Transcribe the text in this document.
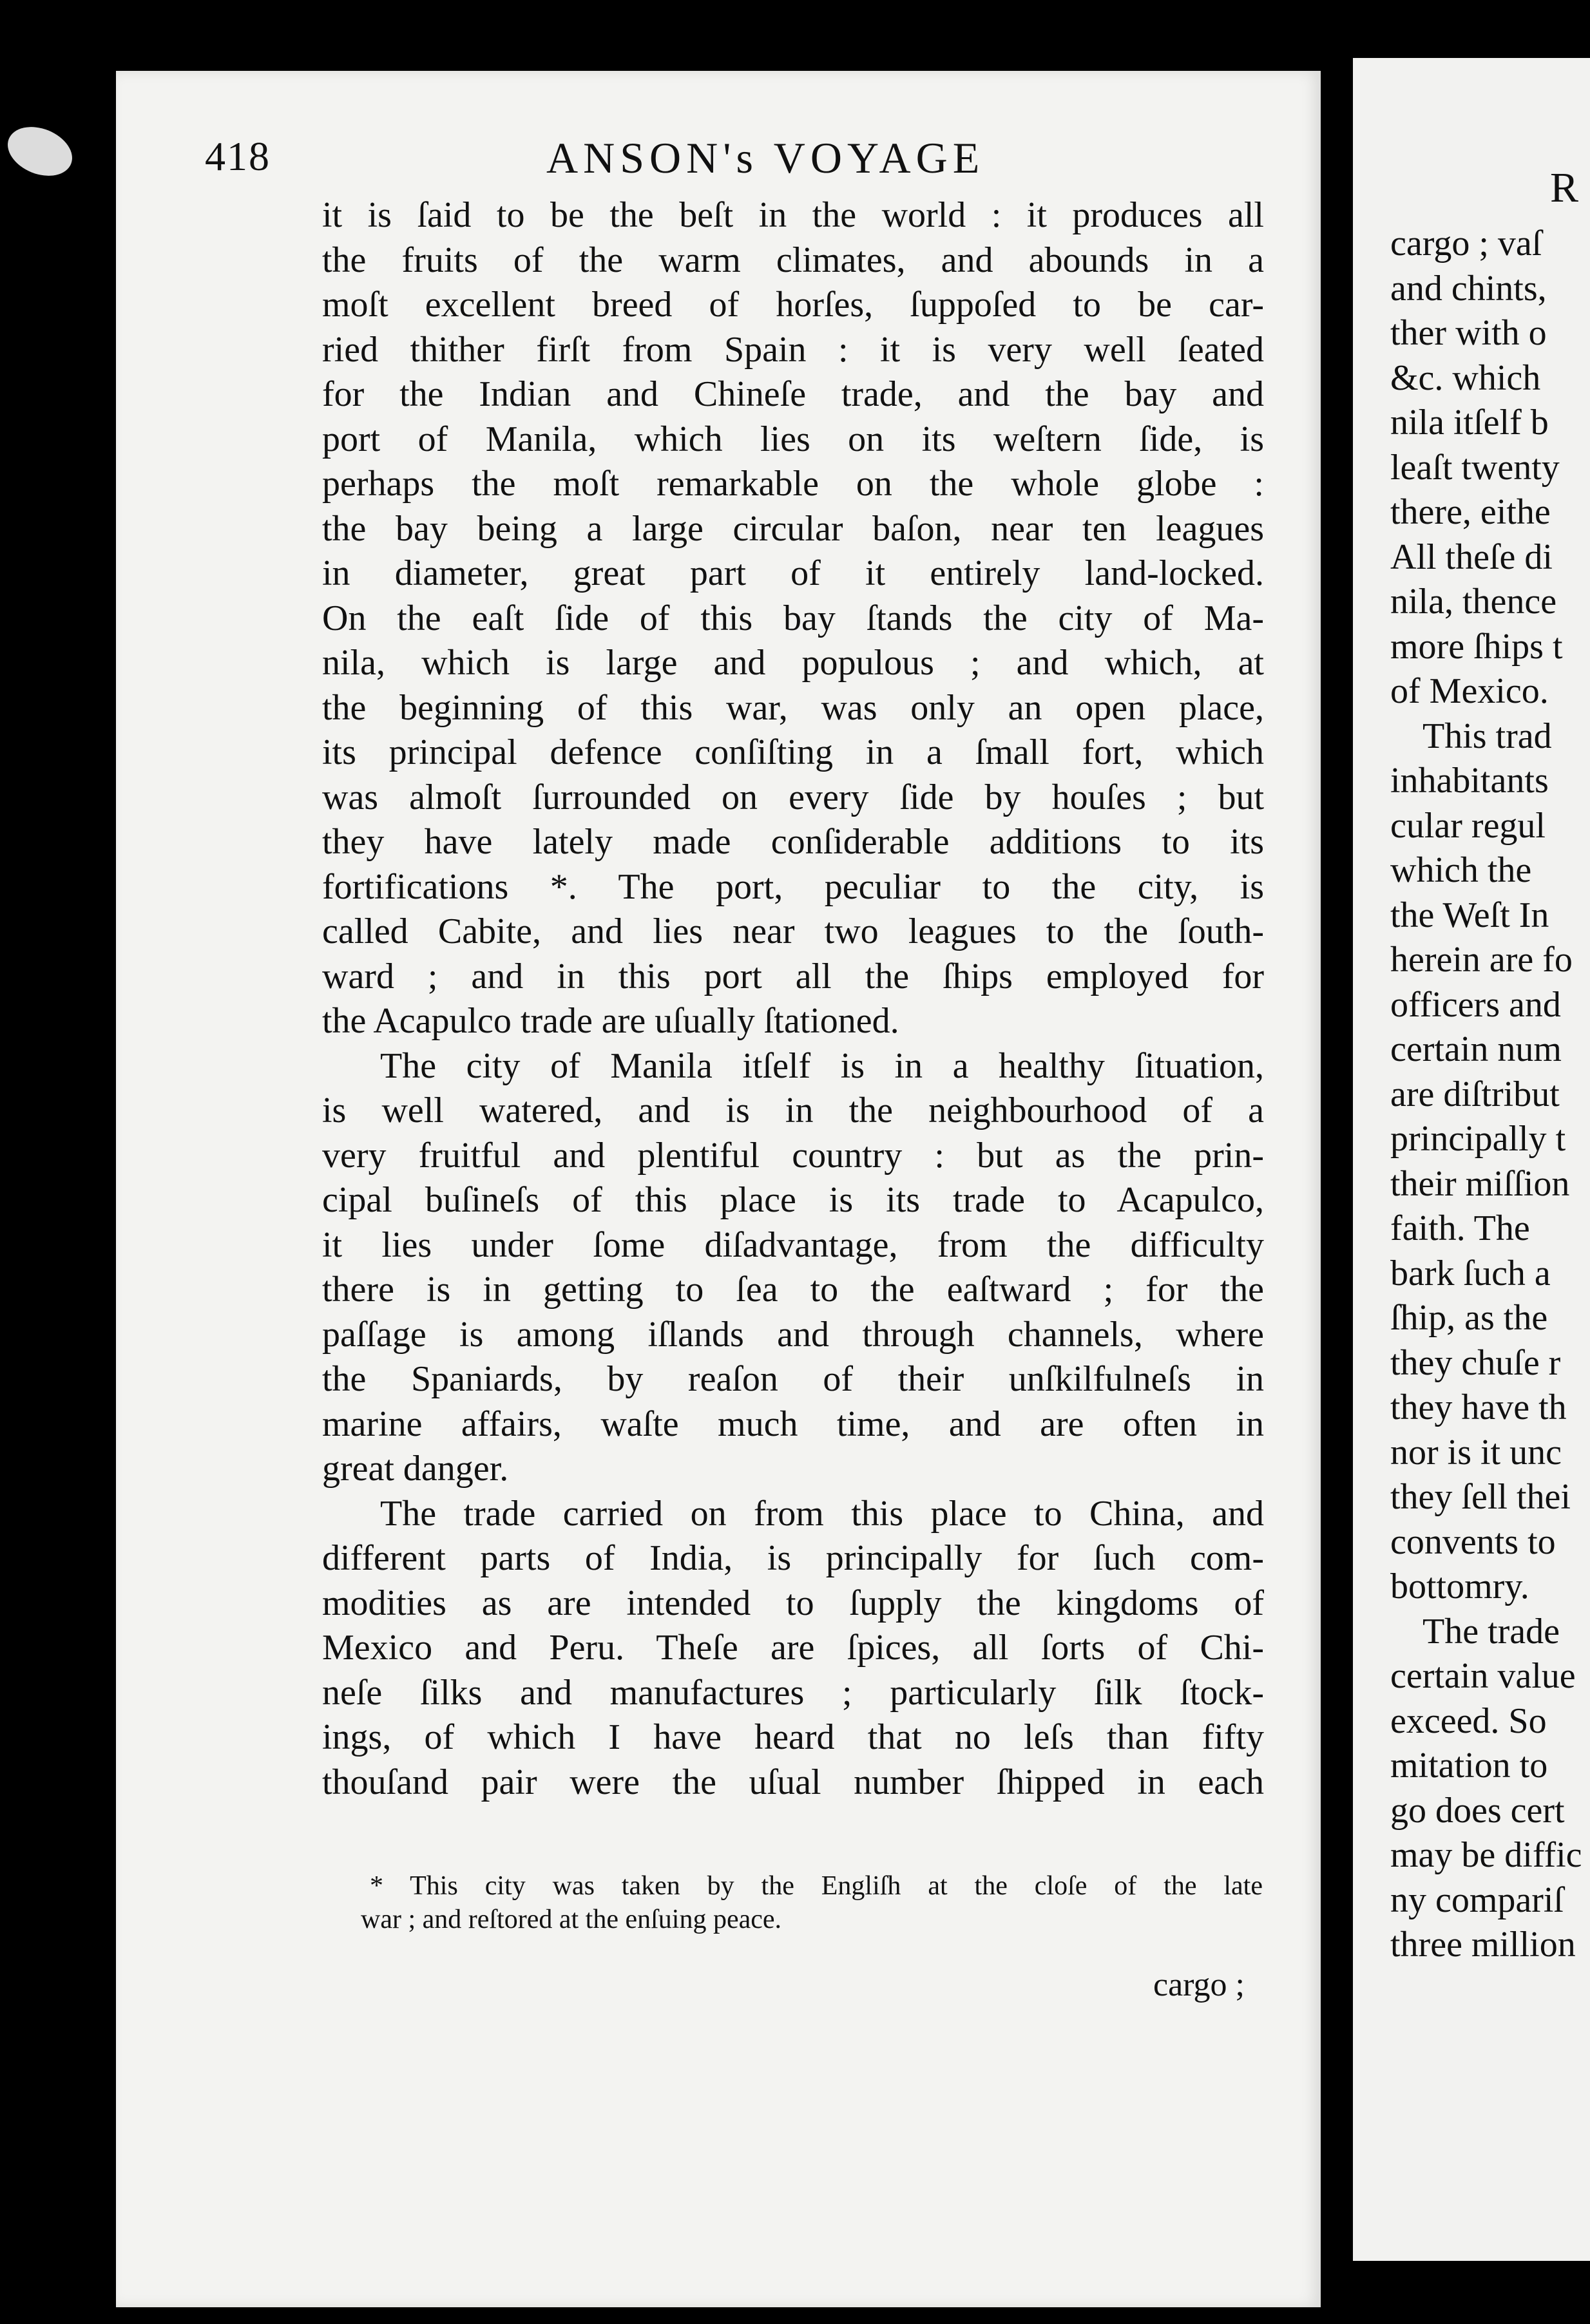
R
cargo ; vaſ
and chints,
ther with o
&c. which
nila itſelf b
leaſt twenty
there, eithe
All theſe di
nila, thence
more ſhips t
of Mexico.
This trad
inhabitants
cular regul
which the
the Weſt In
herein are fo
officers and
certain num
are diſtribut
principally t
their miſſion
faith. The
bark ſuch a
ſhip, as the
they chuſe r
they have th
nor is it unc
they ſell thei
convents to
bottomry.
The trade
certain value
exceed. So
mitation to
go does cert
may be diffic
ny compariſ
three million
418	ANSON's VOYAGE
it is ſaid to be the beſt in the world : it produces all
the fruits of the warm climates, and abounds in a
moſt excellent breed of horſes, ſuppoſed to be car-
ried thither firſt from Spain : it is very well ſeated
for the Indian and Chineſe trade, and the bay and
port of Manila, which lies on its weſtern ſide, is
perhaps the moſt remarkable on the whole globe :
the bay being a large circular baſon, near ten leagues
in diameter, great part of it entirely land-locked.
On the eaſt ſide of this bay ſtands the city of Ma-
nila, which is large and populous ; and which, at
the beginning of this war, was only an open place,
its principal defence conſiſting in a ſmall fort, which
was almoſt ſurrounded on every ſide by houſes ; but
they have lately made conſiderable additions to its
fortifications *. The port, peculiar to the city, is
called Cabite, and lies near two leagues to the ſouth-
ward ; and in this port all the ſhips employed for
the Acapulco trade are uſually ſtationed.
The city of Manila itſelf is in a healthy ſituation,
is well watered, and is in the neighbourhood of a
very fruitful and plentiful country : but as the prin-
cipal buſineſs of this place is its trade to Acapulco,
it lies under ſome diſadvantage, from the difficulty
there is in getting to ſea to the eaſtward ; for the
paſſage is among iſlands and through channels, where
the Spaniards, by reaſon of their unſkilfulneſs in
marine affairs, waſte much time, and are often in
great danger.
The trade carried on from this place to China, and
different parts of India, is principally for ſuch com-
modities as are intended to ſupply the kingdoms of
Mexico and Peru. Theſe are ſpices, all ſorts of Chi-
neſe ſilks and manufactures ; particularly ſilk ſtock-
ings, of which I have heard that no leſs than fifty
thouſand pair were the uſual number ſhipped in each
* This city was taken by the Engliſh at the cloſe of the late
war ; and reſtored at the enſuing peace.
cargo ;
